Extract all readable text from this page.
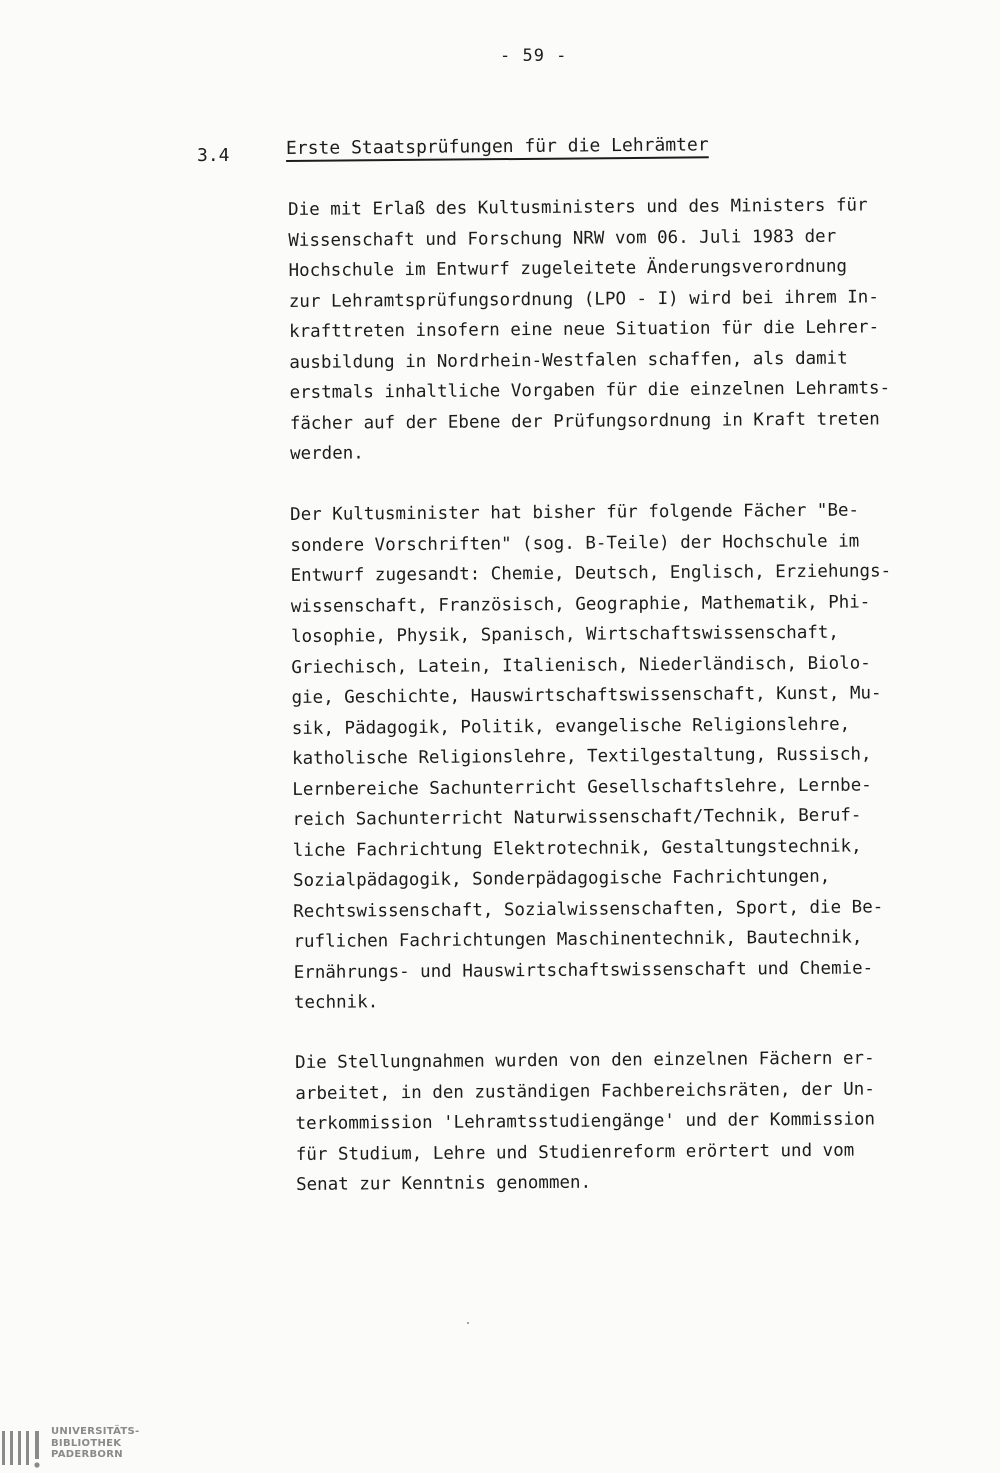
- 59 -
3.4	Erste Staatsprüfungen für die Lehrämter
Die mit Erlaß des Kultusministers und des Ministers für
Wissenschaft und Forschung NRW vom 06. Juli 1983 der
Hochschule im Entwurf zugeleitete Änderungsverordnung
zur Lehramtsprüfungsordnung (LPO - I) wird bei ihrem In-
krafttreten insofern eine neue Situation für die Lehrer-
ausbildung in Nordrhein-Westfalen schaffen, als damit
erstmals inhaltliche Vorgaben für die einzelnen Lehramts-
fächer auf der Ebene der Prüfungsordnung in Kraft treten
werden.
Der Kultusminister hat bisher für folgende Fächer "Be-
sondere Vorschriften" (sog. B-Teile) der Hochschule im
Entwurf zugesandt: Chemie, Deutsch, Englisch, Erziehungs-
wissenschaft, Französisch, Geographie, Mathematik, Phi-
losophie, Physik, Spanisch, Wirtschaftswissenschaft,
Griechisch, Latein, Italienisch, Niederländisch, Biolo-
gie, Geschichte, Hauswirtschaftswissenschaft, Kunst, Mu-
sik, Pädagogik, Politik, evangelische Religionslehre,
katholische Religionslehre, Textilgestaltung, Russisch,
Lernbereiche Sachunterricht Gesellschaftslehre, Lernbe-
reich Sachunterricht Naturwissenschaft/Technik, Beruf-
liche Fachrichtung Elektrotechnik, Gestaltungstechnik,
Sozialpädagogik, Sonderpädagogische Fachrichtungen,
Rechtswissenschaft, Sozialwissenschaften, Sport, die Be-
ruflichen Fachrichtungen Maschinentechnik, Bautechnik,
Ernährungs- und Hauswirtschaftswissenschaft und Chemie-
technik.
Die Stellungnahmen wurden von den einzelnen Fächern er-
arbeitet, in den zuständigen Fachbereichsräten, der Un-
terkommission 'Lehramtsstudiengänge' und der Kommission
für Studium, Lehre und Studienreform erörtert und vom
Senat zur Kenntnis genommen.
UNIVERSITÄTS-
BIBLIOTHEK
PADERBORN
